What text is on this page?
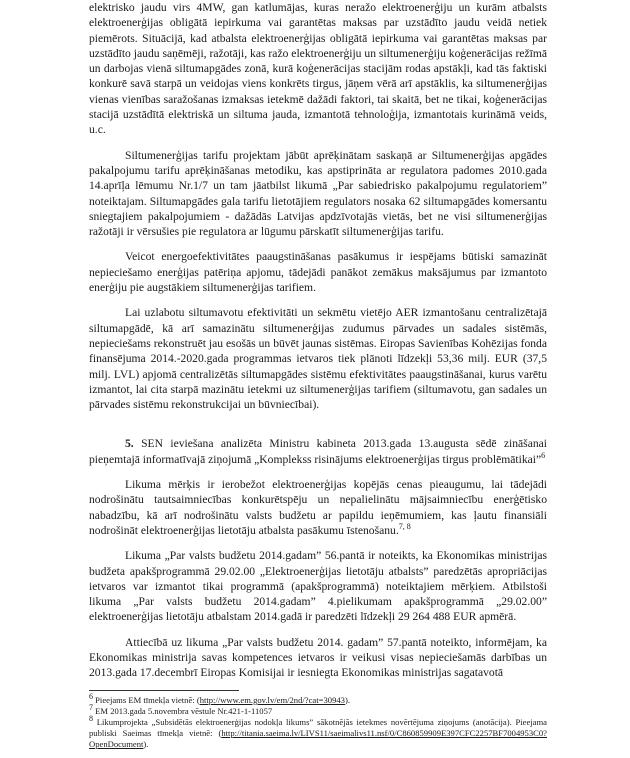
elektrisko jaudu virs 4MW, gan katlumājas, kuras neražo elektroenerģiju un kurām atbalsts elektroenerģijas obligātā iepirkuma vai garantētas maksas par uzstādīto jaudu veidā netiek piemērots. Situācijā, kad atbalsta elektroenerģijas obligātā iepirkuma vai garantētas maksas par uzstādīto jaudu saņēmēji, ražotāji, kas ražo elektroenerģiju un siltumenerģiju koģenerācijas režīmā un darbojas vienā siltumapgādes zonā, kurā koģenerācijas stacijām rodas apstākļi, kad tās faktiski konkurē savā starpā un veidojas viens konkrēts tirgus, jāņem vērā arī apstāklis, ka siltumenerģijas vienas vienības saražošanas izmaksas ietekmē dažādi faktori, tai skaitā, bet ne tikai, koģenerācijas stacijā uzstādītā elektriskā un siltuma jauda, izmantotā tehnoloģija, izmantotais kurināmā veids, u.c.

Siltumenerģijas tarifu projektam jābūt aprēķinātam saskaņā ar Siltumenerģijas apgādes pakalpojumu tarifu aprēķināšanas metodiku, kas apstiprināta ar regulatora padomes 2010.gada 14.aprīļa lēmumu Nr.1/7 un tam jāatbilst likumā „Par sabiedrisko pakalpojumu regulatoriem” noteiktajam. Siltumapgādes gala tarifu lietotājiem regulators nosaka 62 siltumapgādes komersantu sniegtajiem pakalpojumiem - dažādās Latvijas apdzīvotajās vietās, bet ne visi siltumenerģijas ražotāji ir vērsušies pie regulatora ar lūgumu pārskatīt siltumenerģijas tarifu.

Veicot energoefektivitātes paaugstināšanas pasākumus ir iespējams būtiski samazināt nepieciešamo enerģijas patēriņa apjomu, tādejādi panākot zemākus maksājumus par izmantoto enerģiju pie augstākiem siltumenerģijas tarifiem.

Lai uzlabotu siltumavotu efektivitāti un sekmētu vietējo AER izmantošanu centralizētajā siltumapgādē, kā arī samazinātu siltumenerģijas zudumus pārvades un sadales sistēmās, nepieciešams rekonstruēt jau esošās un būvēt jaunas sistēmas. Eiropas Savienības Kohēzijas fonda finansējuma 2014.-2020.gada programmas ietvaros tiek plānoti līdzekļi 53,36 milj. EUR (37,5 milj. LVL) apjomā centralizētās siltumapgādes sistēmu efektivitātes paaugstināšanai, kurus varētu izmantot, lai cita starpā mazinātu ietekmi uz siltumenerģijas tarifiem (siltumavotu, gan sadales un pārvades sistēmu rekonstrukcijai un būvniecībai).

5. SEN ieviešana analizēta Ministru kabineta 2013.gada 13.augusta sēdē zināšanai pieņemtajā informatīvajā ziņojumā „Komplekss risinājums elektroenerģijas tirgus problēmātikai”$^6$

Likuma mērķis ir ierobežot elektroenerģijas kopējās cenas pieaugumu, lai tādejādi nodrošinātu tautsaimniecības konkurētspēju un nepalielinātu mājsaimniecību enerģētisko nabadzību, kā arī nodrošinātu valsts budžetu ar papildu ieņēmumiem, kas ļautu finansiāli nodrošināt elektroenerģijas lietotāju atbalsta pasākumu īstenošanu.$^{7, 8}$

Likuma „Par valsts budžetu 2014.gadam” 56.pantā ir noteikts, ka Ekonomikas ministrijas budžeta apakšprogrammā 29.02.00 „Elektroenerģijas lietotāju atbalsts” paredzētās apropriācijas ietvaros var izmantot tikai programmā (apakšprogrammā) noteiktajiem mērķiem. Atbilstoši likuma „Par valsts budžetu 2014.gadam” 4.pielikumam apakšprogrammā „29.02.00” elektroenerģijas lietotāju atbalstam 2014.gadā ir paredzēti līdzekļi 29 264 488 EUR apmērā.

Attiecībā uz likuma „Par valsts budžetu 2014. gadam” 57.pantā noteikto, informējam, ka Ekonomikas ministrija savas kompetences ietvaros ir veikusi visas nepieciešamās darbības un 2013.gada 17.decembrī Eiropas Komisijai ir iesniegta Ekonomikas ministrijas sagatavotā

$^6$ Pieejams EM tīmekļa vietnē: (http://www.em.gov.lv/em/2nd/?cat=30943).
$^7$ EM 2013.gada 5.novembra vēstule Nr.421-1-11057
$^8$ Likumprojekta „Subsidētās elektroenerģijas nodokļa likums” sākotnējās ietekmes novērtējuma ziņojums (anotācija). Pieejama publiski Saeimas tīmekļa vietnē: (http://titania.saeima.lv/LIVS11/saeimalivs11.nsf/0/C860859909E397CFC2257BF7004953C0?OpenDocument).
